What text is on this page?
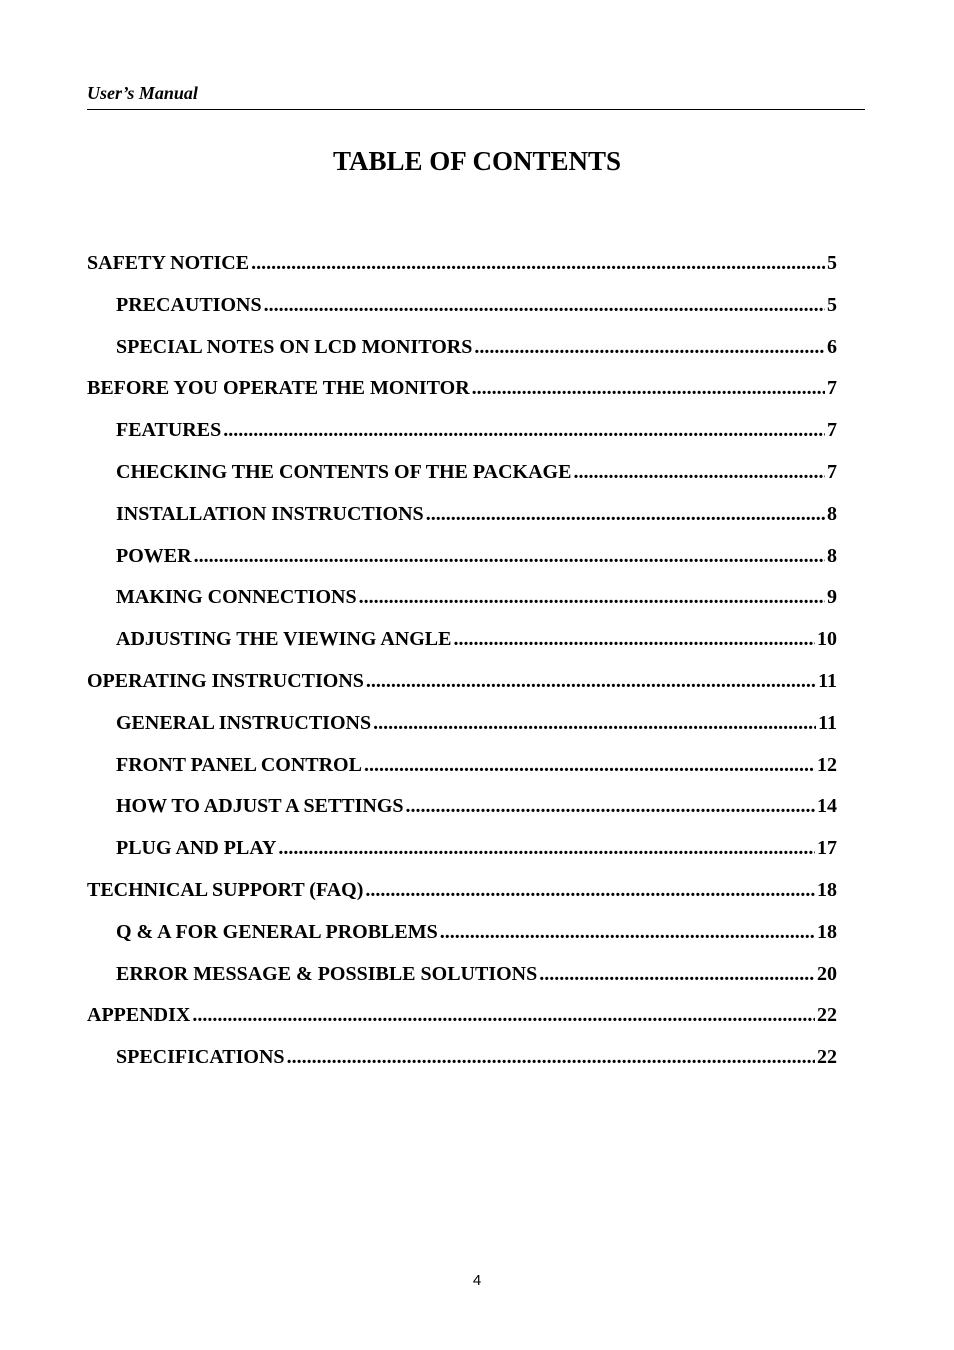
User’s Manual
TABLE OF CONTENTS
SAFETY NOTICE .....	5
PRECAUTIONS .....	5
SPECIAL NOTES ON LCD MONITORS .....	6
BEFORE YOU OPERATE THE MONITOR .....	7
FEATURES .....	7
CHECKING THE CONTENTS OF THE PACKAGE .....	7
INSTALLATION INSTRUCTIONS .....	8
POWER .....	8
MAKING CONNECTIONS .....	9
ADJUSTING THE VIEWING ANGLE .....	10
OPERATING INSTRUCTIONS .....	11
GENERAL INSTRUCTIONS .....	11
FRONT PANEL CONTROL .....	12
HOW TO ADJUST A SETTINGS .....	14
PLUG AND PLAY .....	17
TECHNICAL SUPPORT (FAQ) .....	18
Q & A FOR GENERAL PROBLEMS .....	18
ERROR MESSAGE & POSSIBLE SOLUTIONS .....	20
APPENDIX .....	22
SPECIFICATIONS .....	22
4
